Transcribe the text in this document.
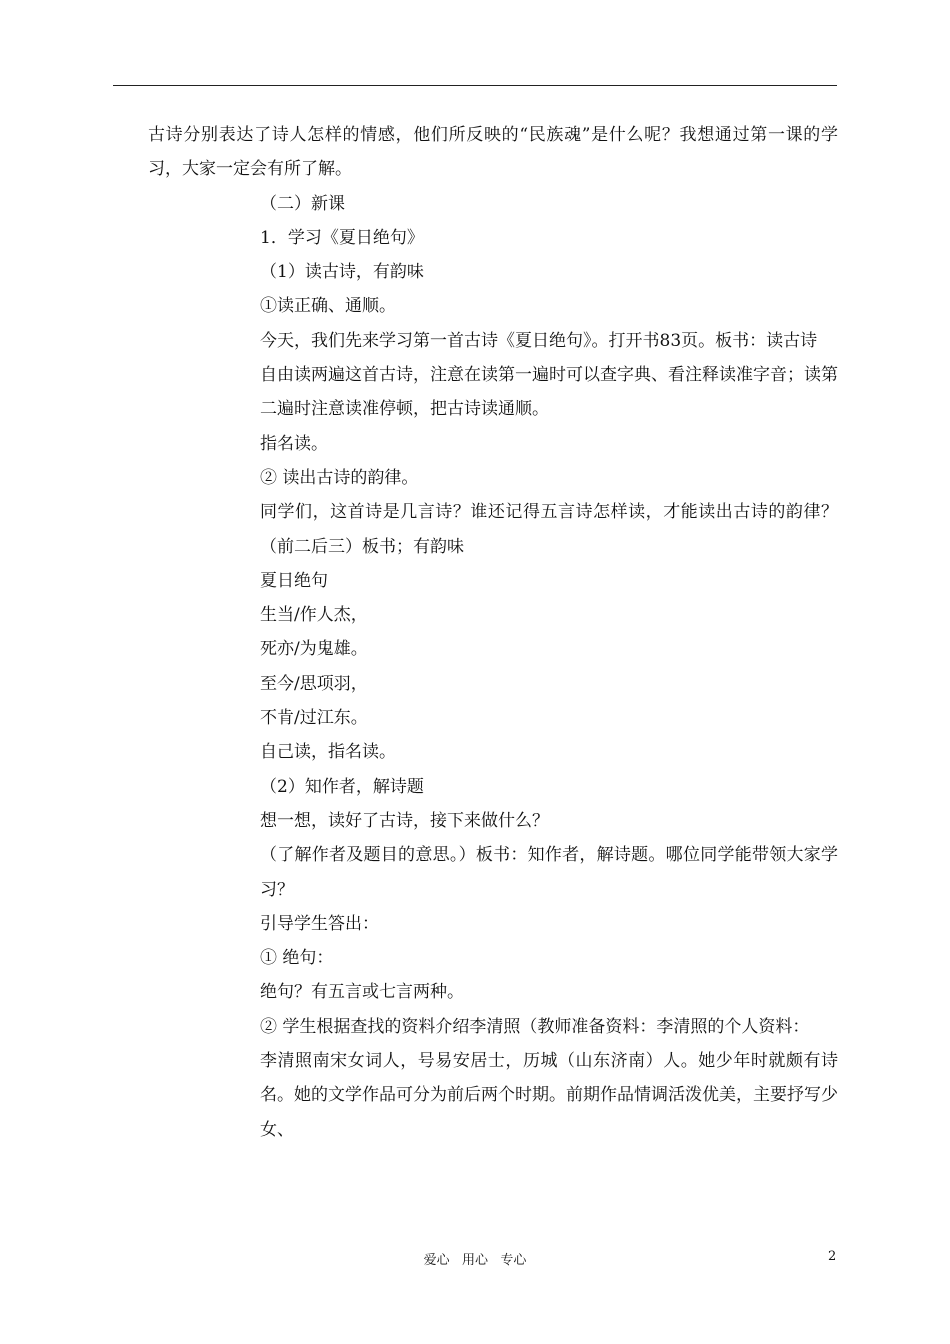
古诗分别表达了诗人怎样的情感，他们所反映的“民族魂”是什么呢？我想通过第一课的学习，大家一定会有所了解。

（二）新课

1．学习《夏日绝句》

（1）读古诗，有韵味

①读正确、通顺。

今天，我们先来学习第一首古诗《夏日绝句》。打开书83页。板书：读古诗

自由读两遍这首古诗，注意在读第一遍时可以查字典、看注释读准字音；读第二遍时注意读准停顿，把古诗读通顺。

指名读。

② 读出古诗的韵律。

同学们，这首诗是几言诗？谁还记得五言诗怎样读，才能读出古诗的韵律？（前二后三）板书；有韵味

夏日绝句

生当/作人杰，

死亦/为鬼雄。

至今/思项羽，

不肯/过江东。

自己读，指名读。

（2）知作者，解诗题

想一想，读好了古诗，接下来做什么？

（了解作者及题目的意思。）板书：知作者，解诗题。哪位同学能带领大家学习？

引导学生答出：

① 绝句：

绝句？有五言或七言两种。

② 学生根据查找的资料介绍李清照（教师准备资料：李清照的个人资料：

李清照南宋女词人，号易安居士，历城（山东济南）人。她少年时就颇有诗名。她的文学作品可分为前后两个时期。前期作品情调活泼优美，主要抒写少女、

爱心   用心   专心	2
